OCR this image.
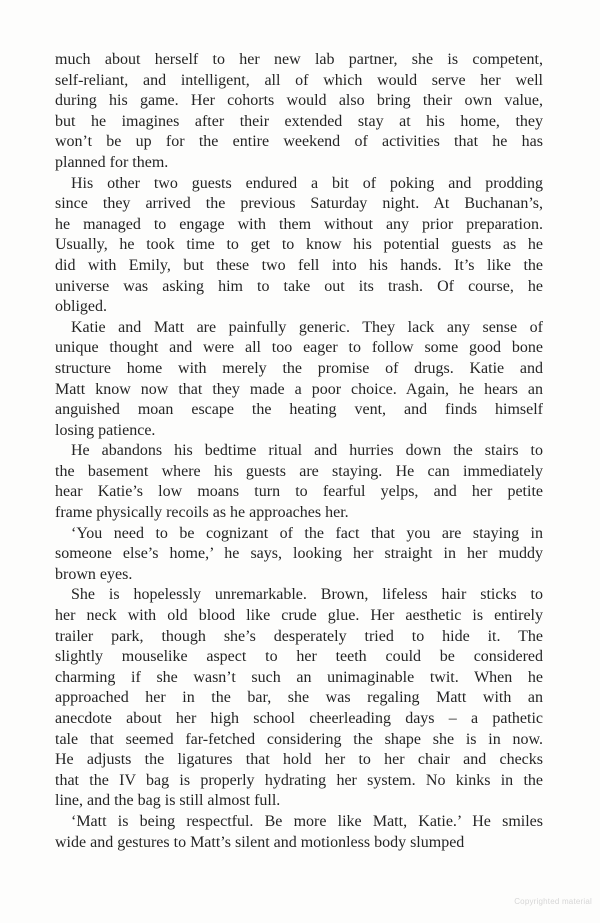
much about herself to her new lab partner, she is competent,
self-reliant, and intelligent, all of which would serve her well
during his game. Her cohorts would also bring their own value,
but he imagines after their extended stay at his home, they
won’t be up for the entire weekend of activities that he has
planned for them.
His other two guests endured a bit of poking and prodding
since they arrived the previous Saturday night. At Buchanan’s,
he managed to engage with them without any prior preparation.
Usually, he took time to get to know his potential guests as he
did with Emily, but these two fell into his hands. It’s like the
universe was asking him to take out its trash. Of course, he
obliged.
Katie and Matt are painfully generic. They lack any sense of
unique thought and were all too eager to follow some good bone
structure home with merely the promise of drugs. Katie and
Matt know now that they made a poor choice. Again, he hears an
anguished moan escape the heating vent, and finds himself
losing patience.
He abandons his bedtime ritual and hurries down the stairs to
the basement where his guests are staying. He can immediately
hear Katie’s low moans turn to fearful yelps, and her petite
frame physically recoils as he approaches her.
‘You need to be cognizant of the fact that you are staying in
someone else’s home,’ he says, looking her straight in her muddy
brown eyes.
She is hopelessly unremarkable. Brown, lifeless hair sticks to
her neck with old blood like crude glue. Her aesthetic is entirely
trailer park, though she’s desperately tried to hide it. The
slightly mouselike aspect to her teeth could be considered
charming if she wasn’t such an unimaginable twit. When he
approached her in the bar, she was regaling Matt with an
anecdote about her high school cheerleading days – a pathetic
tale that seemed far-fetched considering the shape she is in now.
He adjusts the ligatures that hold her to her chair and checks
that the IV bag is properly hydrating her system. No kinks in the
line, and the bag is still almost full.
‘Matt is being respectful. Be more like Matt, Katie.’ He smiles
wide and gestures to Matt’s silent and motionless body slumped
Copyrighted material
